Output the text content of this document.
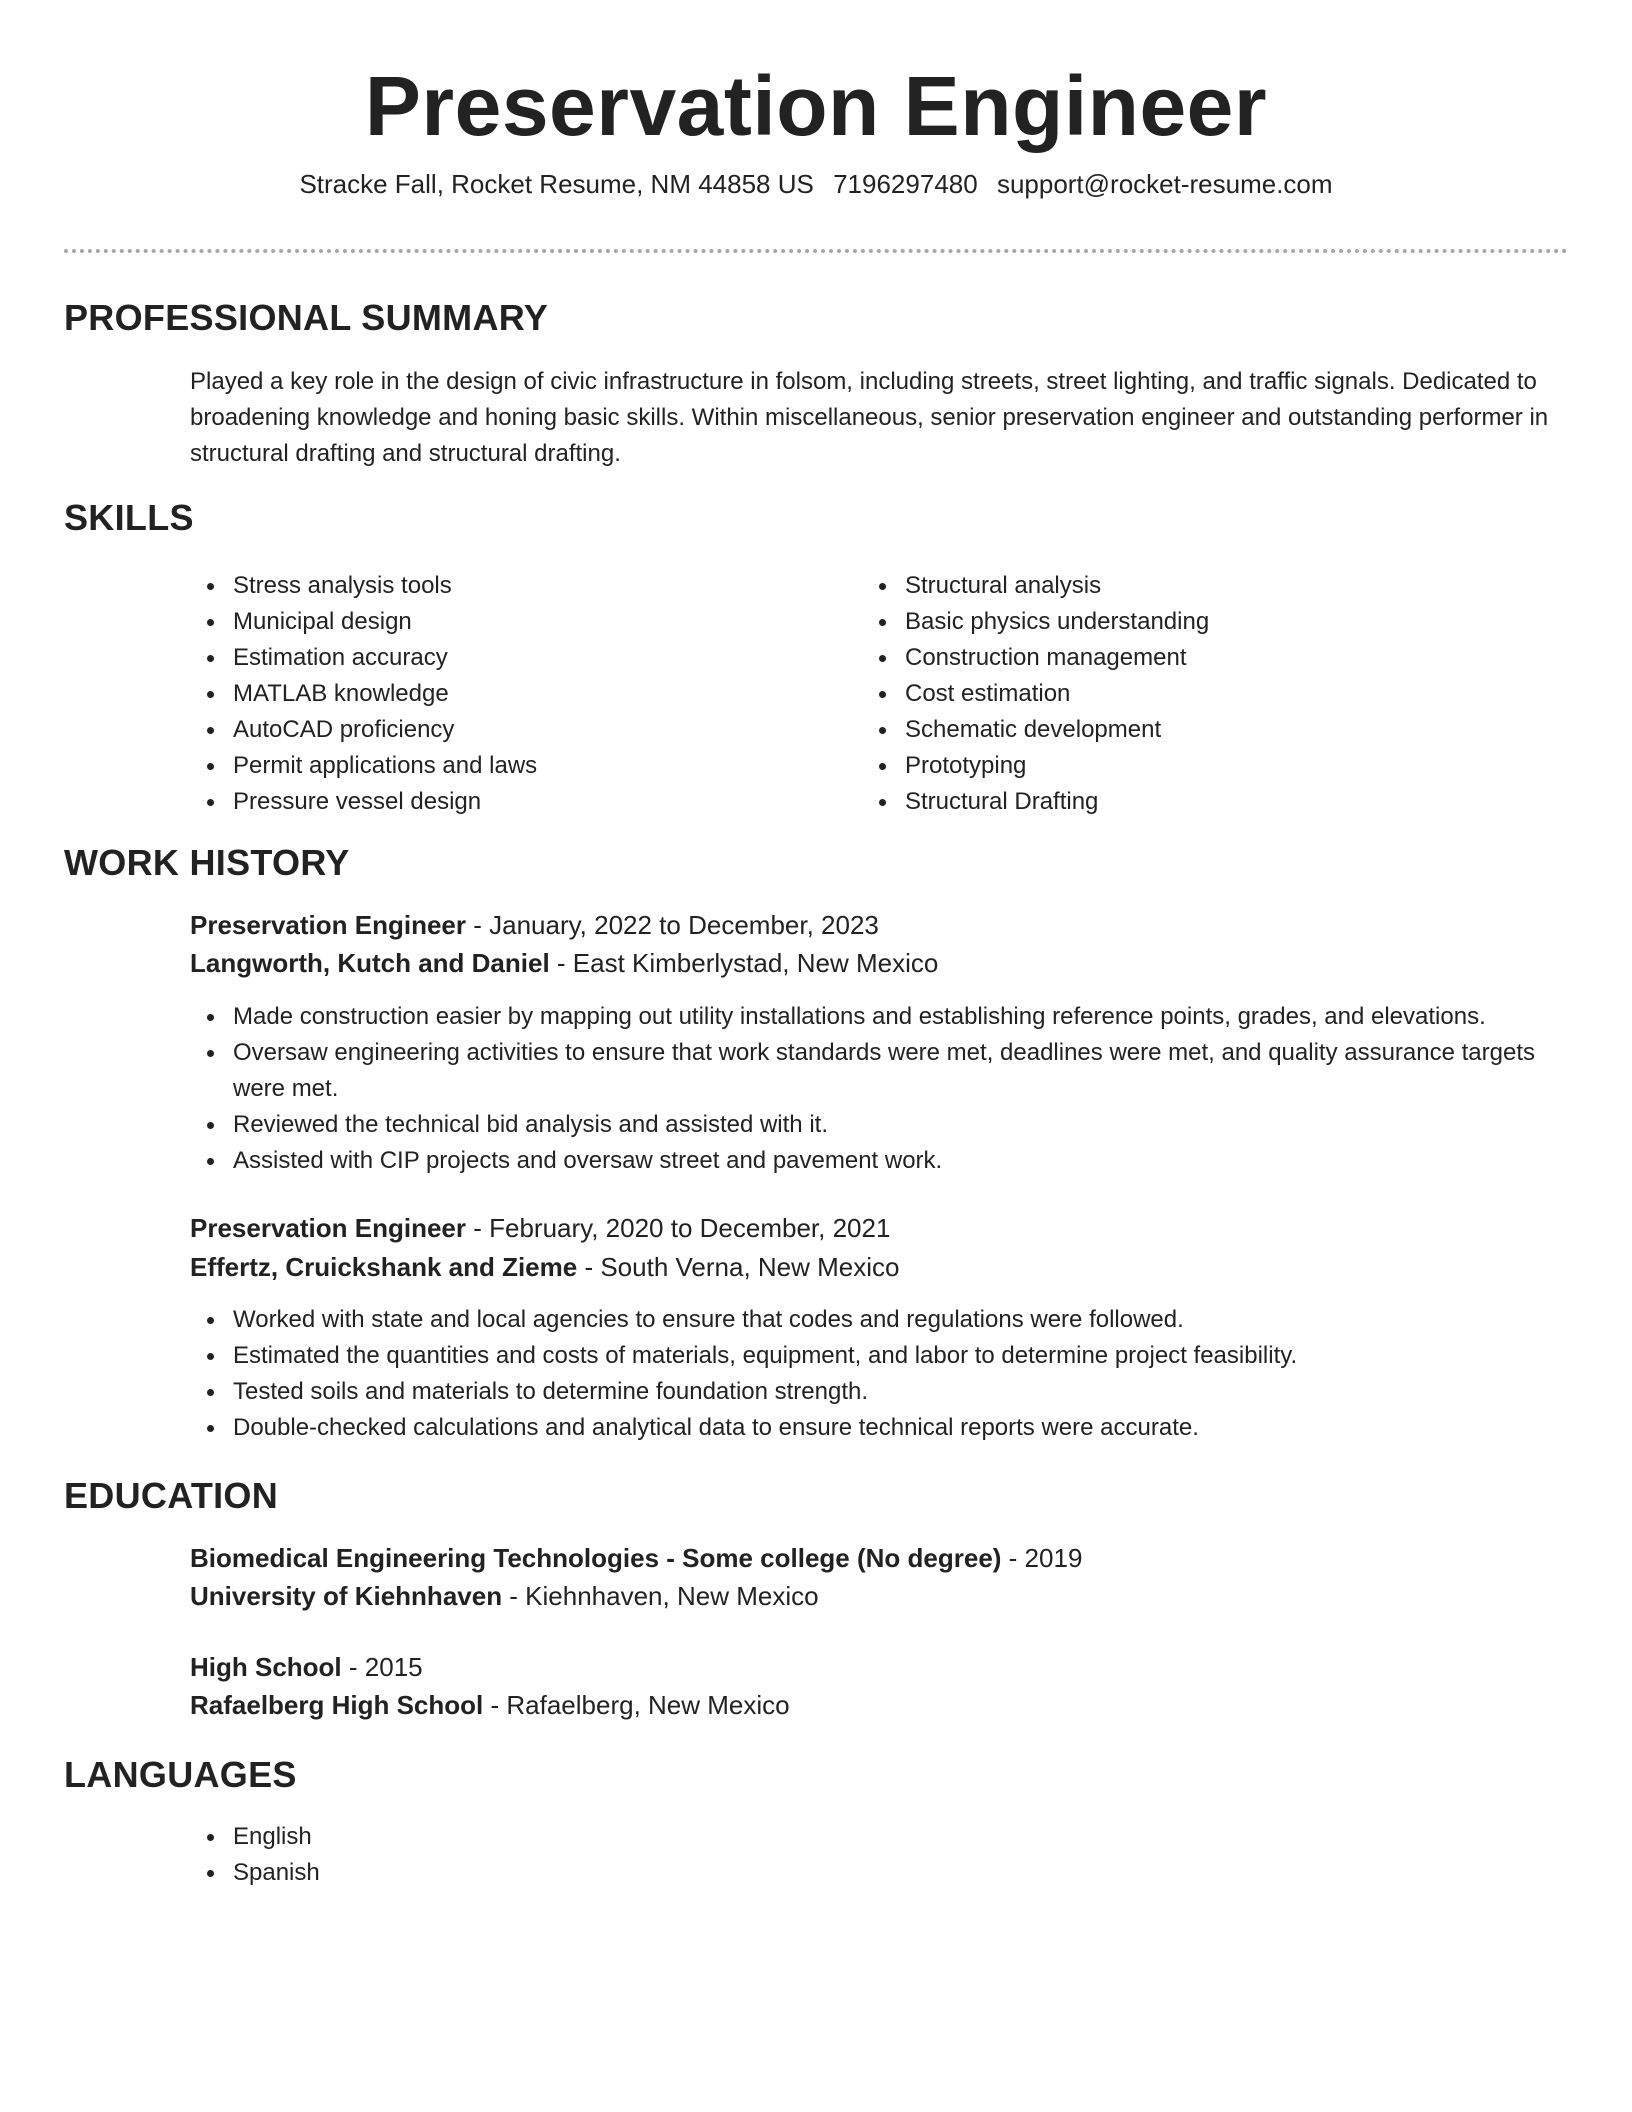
Preservation Engineer
Stracke Fall, Rocket Resume, NM 44858 US 7196297480 support@rocket-resume.com
PROFESSIONAL SUMMARY

Played a key role in the design of civic infrastructure in folsom, including streets, street lighting, and traffic signals. Dedicated to broadening knowledge and honing basic skills. Within miscellaneous, senior preservation engineer and outstanding performer in structural drafting and structural drafting.

SKILLS
Stress analysis tools
Municipal design
Estimation accuracy
MATLAB knowledge
AutoCAD proficiency
Permit applications and laws
Pressure vessel design
Structural analysis
Basic physics understanding
Construction management
Cost estimation
Schematic development
Prototyping
Structural Drafting
WORK HISTORY

Preservation Engineer - January, 2022 to December, 2023

Langworth, Kutch and Daniel - East Kimberlystad, New Mexico

Made construction easier by mapping out utility installations and establishing reference points, grades, and elevations.
Oversaw engineering activities to ensure that work standards were met, deadlines were met, and quality assurance targets were met.
Reviewed the technical bid analysis and assisted with it.
Assisted with CIP projects and oversaw street and pavement work.

Preservation Engineer - February, 2020 to December, 2021

Effertz, Cruickshank and Zieme - South Verna, New Mexico

Worked with state and local agencies to ensure that codes and regulations were followed.
Estimated the quantities and costs of materials, equipment, and labor to determine project feasibility.
Tested soils and materials to determine foundation strength.
Double-checked calculations and analytical data to ensure technical reports were accurate.
EDUCATION

Biomedical Engineering Technologies - Some college (No degree) - 2019

University of Kiehnhaven - Kiehnhaven, New Mexico

High School - 2015

Rafaelberg High School - Rafaelberg, New Mexico

LANGUAGES
English
Spanish
